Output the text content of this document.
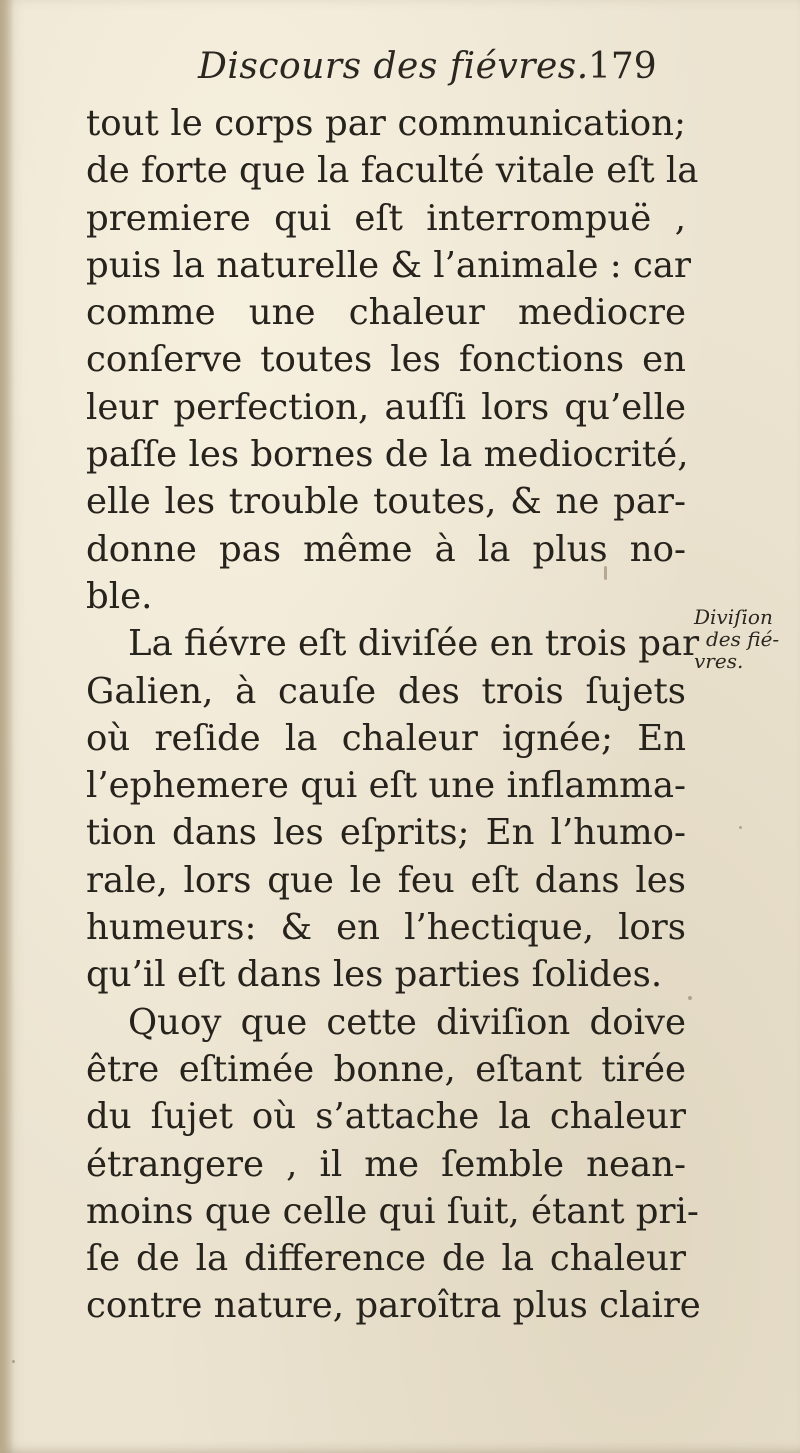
Discours des fiévres. 179
tout le corps par communication;
de forte que la faculté vitale eſt la
premiere qui eſt interrompuë ,
puis la naturelle & l’animale : car
comme une chaleur mediocre
conſerve toutes les fonctions en
leur perfection, auſſi lors qu’elle
paſſe les bornes de la mediocrité,
elle les trouble toutes, & ne par-
donne pas même à la plus no-
ble.
La fiévre eſt diviſée en trois par
Galien, à cauſe des trois ſujets
où reſide la chaleur ignée; En
l’ephemere qui eſt une inflamma-
tion dans les eſprits; En l’humo-
rale, lors que le feu eſt dans les
humeurs: & en l’hectique, lors
qu’il eſt dans les parties ſolides.
Quoy que cette diviſion doive
être eſtimée bonne, eſtant tirée
du ſujet où s’attache la chaleur
étrangere , il me ſemble nean-
moins que celle qui ſuit, étant pri-
ſe de la difference de la chaleur
contre nature, paroîtra plus claire
Diviſion
des fié-
vres.
